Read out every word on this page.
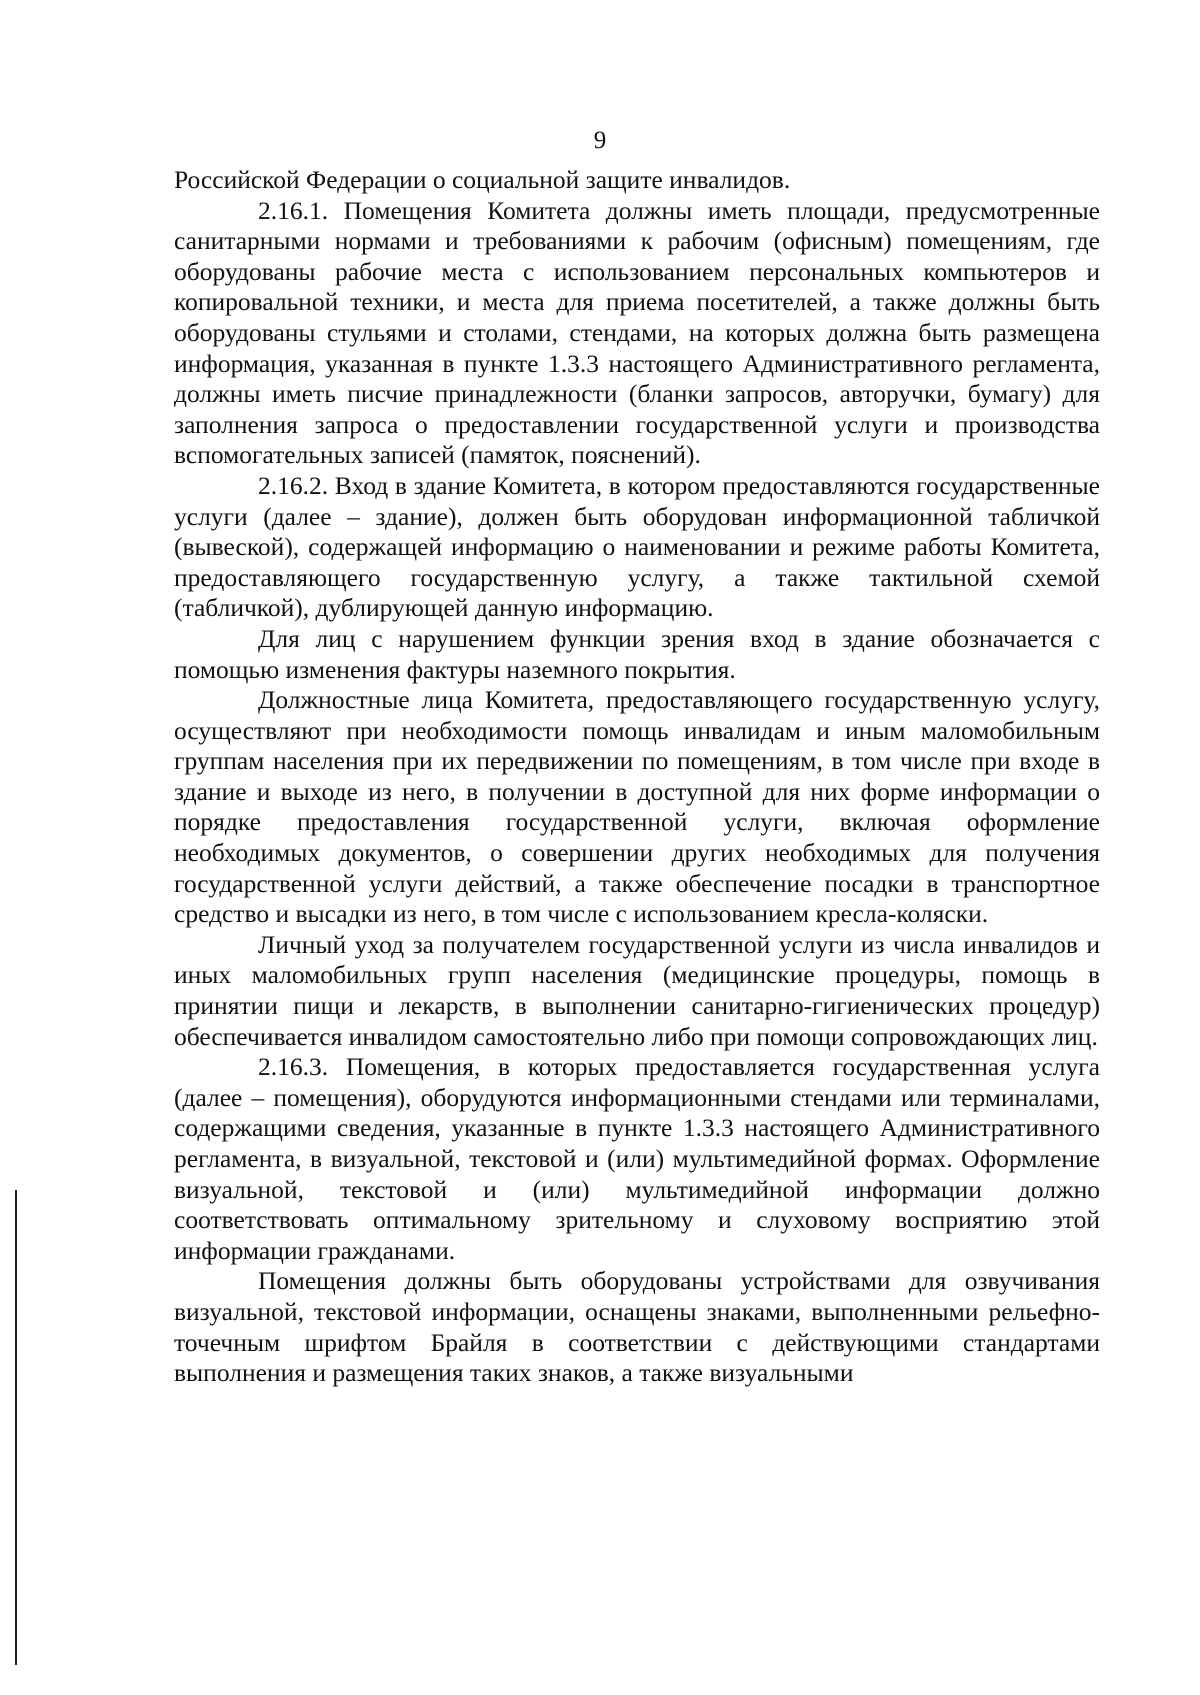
9

Российской Федерации о социальной защите инвалидов.

2.16.1. Помещения Комитета должны иметь площади, предусмотренные санитарными нормами и требованиями к рабочим (офисным) помещениям, где оборудованы рабочие места с использованием персональных компьютеров и копировальной техники, и места для приема посетителей, а также должны быть оборудованы стульями и столами, стендами, на которых должна быть размещена информация, указанная в пункте 1.3.3 настоящего Административного регламента, должны иметь писчие принадлежности (бланки запросов, авторучки, бумагу) для заполнения запроса о предоставлении государственной услуги и производства вспомогательных записей (памяток, пояснений).

2.16.2. Вход в здание Комитета, в котором предоставляются государственные услуги (далее – здание), должен быть оборудован информационной табличкой (вывеской), содержащей информацию о наименовании и режиме работы Комитета, предоставляющего государственную услугу, а также тактильной схемой (табличкой), дублирующей данную информацию.

Для лиц с нарушением функции зрения вход в здание обозначается с помощью изменения фактуры наземного покрытия.

Должностные лица Комитета, предоставляющего государственную услугу, осуществляют при необходимости помощь инвалидам и иным маломобильным группам населения при их передвижении по помещениям, в том числе при входе в здание и выходе из него, в получении в доступной для них форме информации о порядке предоставления государственной услуги, включая оформление необходимых документов, о совершении других необходимых для получения государственной услуги действий, а также обеспечение посадки в транспортное средство и высадки из него, в том числе с использованием кресла-коляски.

Личный уход за получателем государственной услуги из числа инвалидов и иных маломобильных групп населения (медицинские процедуры, помощь в принятии пищи и лекарств, в выполнении санитарно-гигиенических процедур) обеспечивается инвалидом самостоятельно либо при помощи сопровождающих лиц.

2.16.3. Помещения, в которых предоставляется государственная услуга (далее – помещения), оборудуются информационными стендами или терминалами, содержащими сведения, указанные в пункте 1.3.3 настоящего Административного регламента, в визуальной, текстовой и (или) мультимедийной формах. Оформление визуальной, текстовой и (или) мультимедийной информации должно соответствовать оптимальному зрительному и слуховому восприятию этой информации гражданами.

Помещения должны быть оборудованы устройствами для озвучивания визуальной, текстовой информации, оснащены знаками, выполненными рельефно-точечным шрифтом Брайля в соответствии с действующими стандартами выполнения и размещения таких знаков, а также визуальными
